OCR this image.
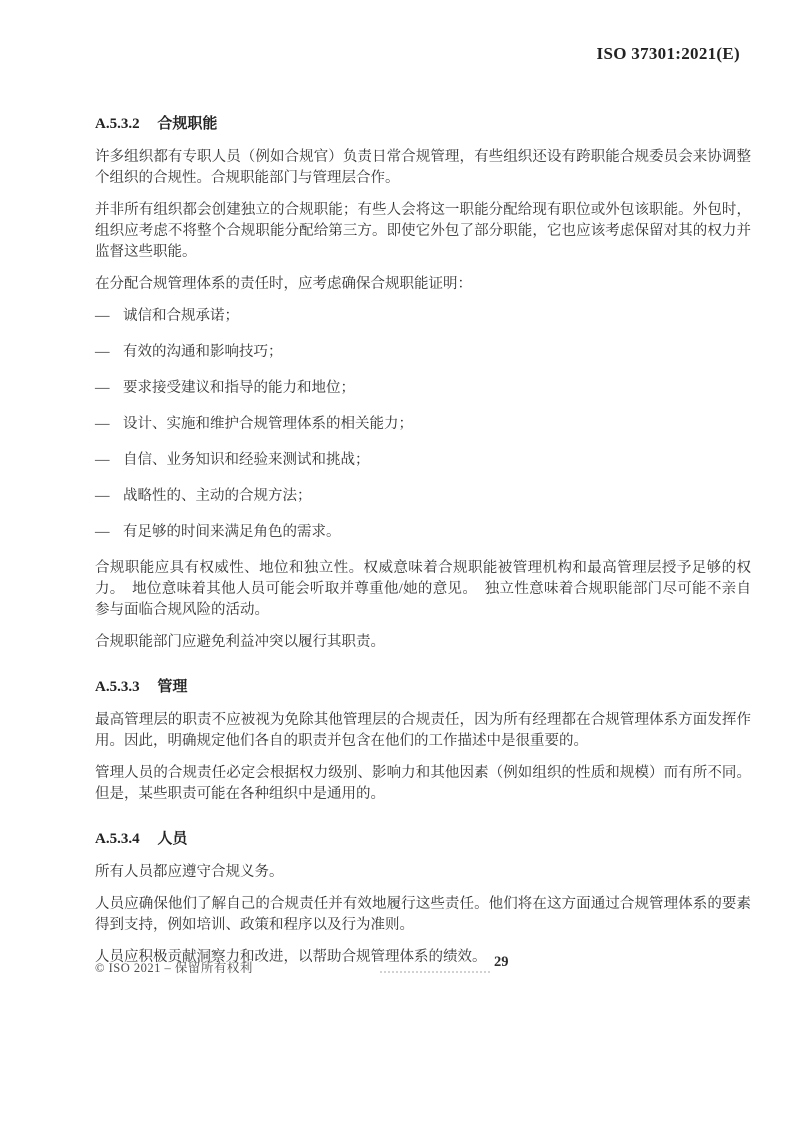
ISO 37301:2021(E)
A.5.3.2 合规职能

许多组织都有专职人员（例如合规官）负责日常合规管理，有些组织还设有跨职能合规委员会来协调整个组织的合规性。合规职能部门与管理层合作。

并非所有组织都会创建独立的合规职能；有些人会将这一职能分配给现有职位或外包该职能。外包时，组织应考虑不将整个合规职能分配给第三方。即使它外包了部分职能，它也应该考虑保留对其的权力并监督这些职能。

在分配合规管理体系的责任时，应考虑确保合规职能证明：

— 诚信和合规承诺；
— 有效的沟通和影响技巧；
— 要求接受建议和指导的能力和地位；
— 设计、实施和维护合规管理体系的相关能力；
— 自信、业务知识和经验来测试和挑战；
— 战略性的、主动的合规方法；
— 有足够的时间来满足角色的需求。

合规职能应具有权威性、地位和独立性。权威意味着合规职能被管理机构和最高管理层授予足够的权力。　地位意味着其他人员可能会听取并尊重他/她的意见。　独立性意味着合规职能部门尽可能不亲自参与面临合规风险的活动。

合规职能部门应避免利益冲突以履行其职责。

A.5.3.3 管理

最高管理层的职责不应被视为免除其他管理层的合规责任，因为所有经理都在合规管理体系方面发挥作用。因此，明确规定他们各自的职责并包含在他们的工作描述中是很重要的。

管理人员的合规责任必定会根据权力级别、影响力和其他因素（例如组织的性质和规模）而有所不同。但是，某些职责可能在各种组织中是通用的。

A.5.3.4 人员

所有人员都应遵守合规义务。

人员应确保他们了解自己的合规责任并有效地履行这些责任。他们将在这方面通过合规管理体系的要素得到支持，例如培训、政策和程序以及行为准则。

人员应积极贡献洞察力和改进，以帮助合规管理体系的绩效。

© ISO 2021 – 保留所有权利	29
